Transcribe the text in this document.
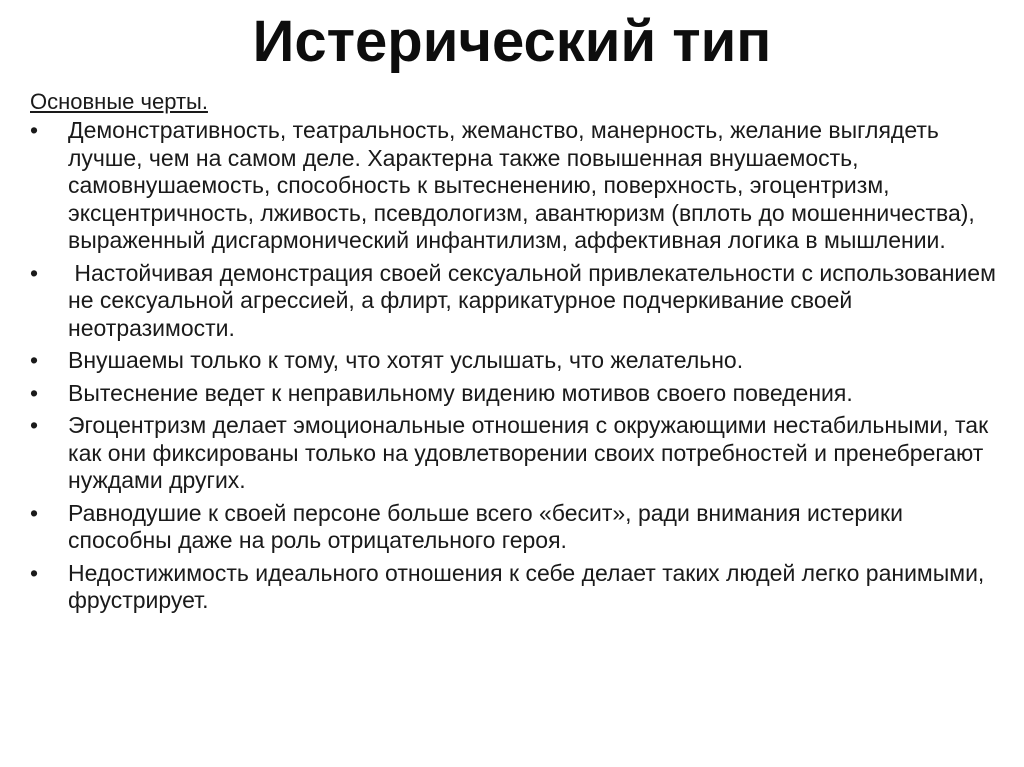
Истерический тип

Основные черты.

•	Демонстративность, театральность, жеманство, манерность, желание выглядеть лучше, чем на самом деле. Характерна также повышенная внушаемость, самовнушаемость, способность к вытесненению, поверхность, эгоцентризм, эксцентричность, лживость, псевдологизм, авантюризм (вплоть до мошенничества), выраженный дисгармонический инфантилизм, аффективная логика в мышлении.
•	Настойчивая демонстрация своей сексуальной привлекательности с использованием не сексуальной агрессией, а флирт, каррикатурное подчеркивание своей неотразимости.
•	Внушаемы только к тому, что хотят услышать, что желательно.
•	Вытеснение ведет к неправильному видению мотивов своего поведения.
•	Эгоцентризм делает эмоциональные отношения с окружающими нестабильными, так как они фиксированы только на удовлетворении своих потребностей и пренебрегают нуждами других.
•	Равнодушие к своей персоне больше всего «бесит», ради внимания истерики способны даже на роль отрицательного героя.
•	Недостижимость идеального отношения к себе делает таких людей легко ранимыми, фрустрирует.
